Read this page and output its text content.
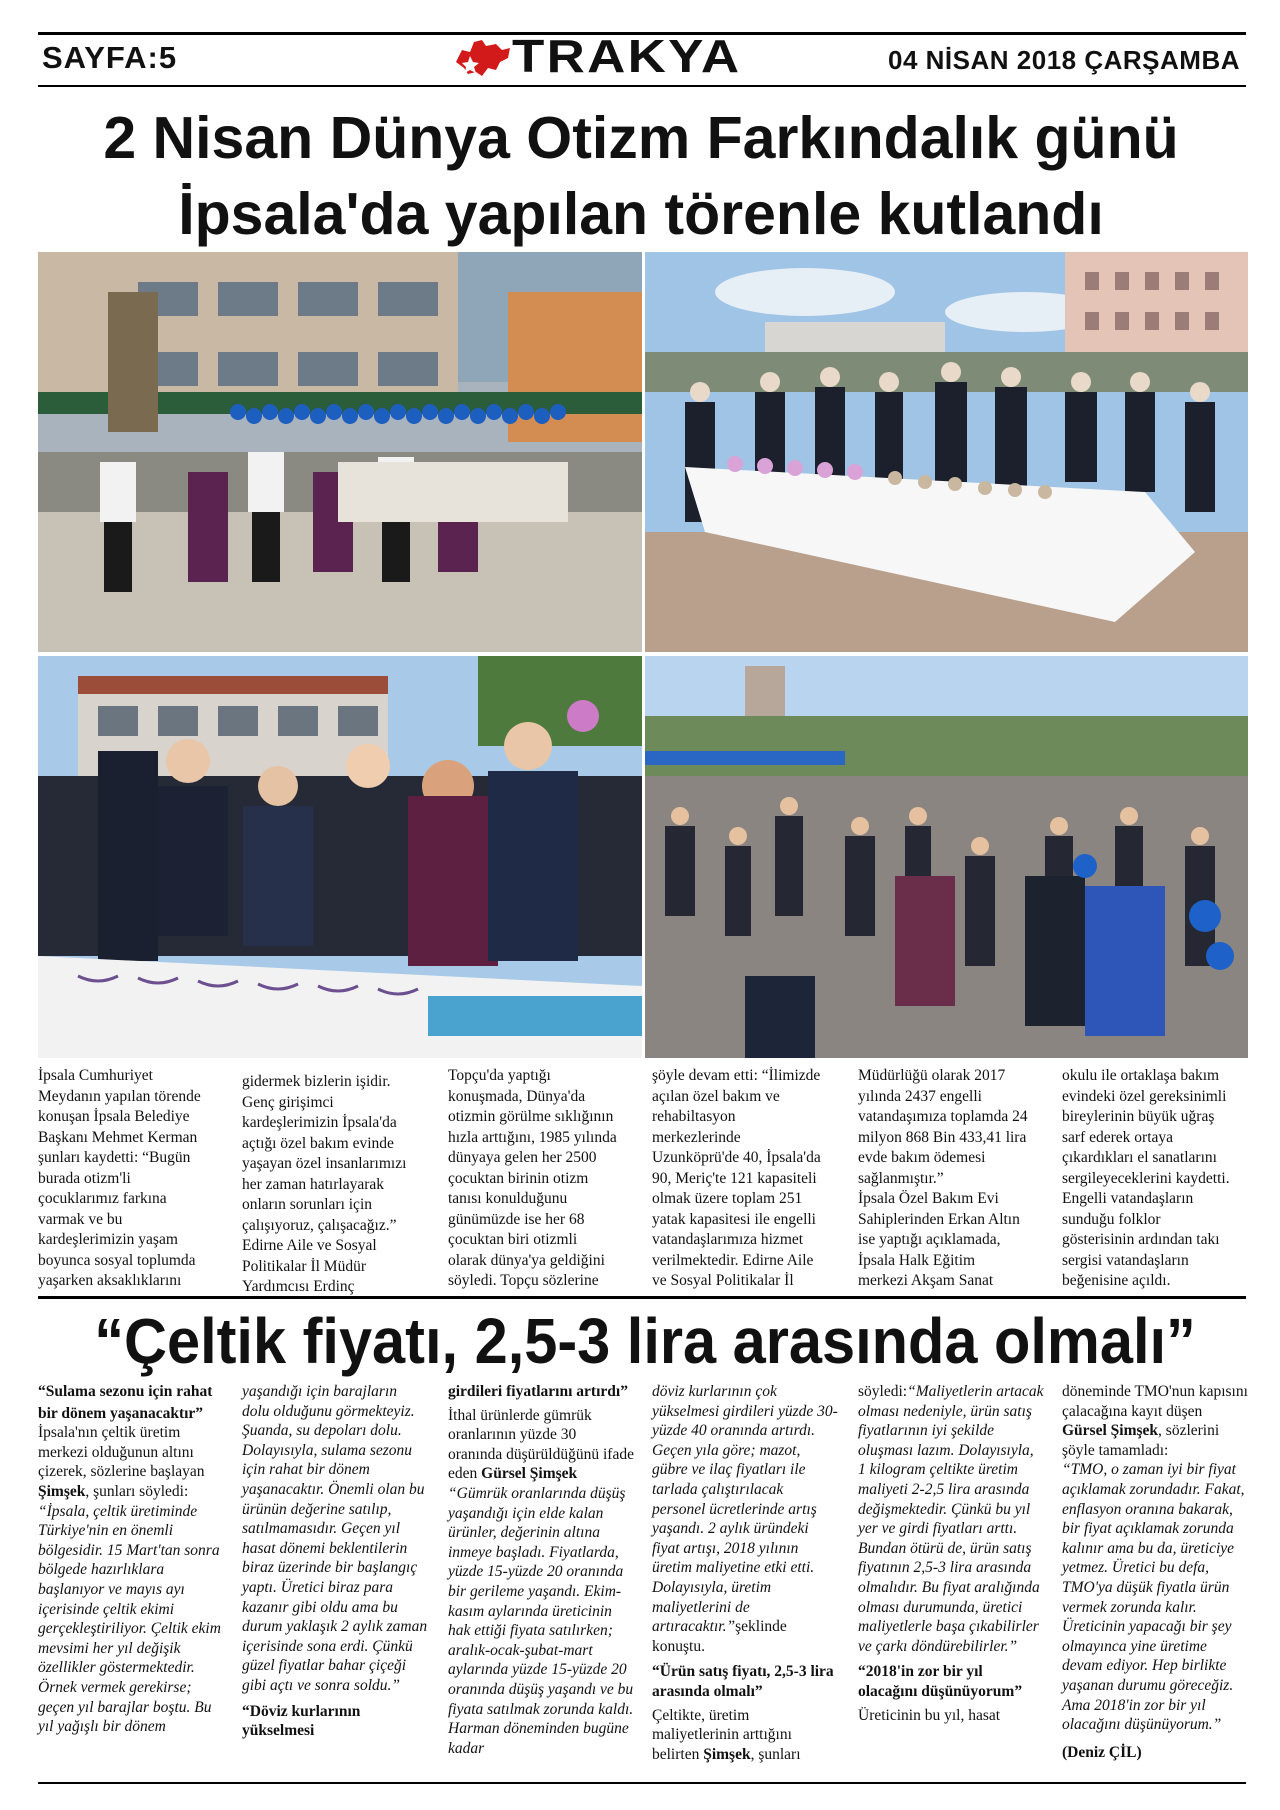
SAYFA:5	TRAKYA	04 NİSAN 2018 ÇARŞAMBA
2 Nisan Dünya Otizm Farkındalık günü
İpsala'da yapılan törenle kutlandı
İpsala Cumhuriyet
Meydanın yapılan törende
konuşan İpsala Belediye
Başkanı Mehmet Kerman
şunları kaydetti: “Bugün
burada otizm'li
çocuklarımız farkına
varmak ve bu
kardeşlerimizin yaşam
boyunca sosyal toplumda
yaşarken aksaklıklarını
gidermek bizlerin işidir.
Genç girişimci
kardeşlerimizin İpsala'da
açtığı özel bakım evinde
yaşayan özel insanlarımızı
her zaman hatırlayarak
onların sorunları için
çalışıyoruz, çalışacağız.”
Edirne Aile ve Sosyal
Politikalar İl Müdür
Yardımcısı Erdinç
Topçu'da yaptığı
konuşmada, Dünya'da
otizmin görülme sıklığının
hızla arttığını, 1985 yılında
dünyaya gelen her 2500
çocuktan birinin otizm
tanısı konulduğunu
günümüzde ise her 68
çocuktan biri otizmli
olarak dünya'ya geldiğini
söyledi. Topçu sözlerine
şöyle devam etti: “İlimizde
açılan özel bakım ve
rehabiltasyon
merkezlerinde
Uzunköprü'de 40, İpsala'da
90, Meriç'te 121 kapasiteli
olmak üzere toplam 251
yatak kapasitesi ile engelli
vatandaşlarımıza hizmet
verilmektedir. Edirne Aile
ve Sosyal Politikalar İl
Müdürlüğü olarak 2017
yılında 2437 engelli
vatandaşımıza toplamda 24
milyon 868 Bin 433,41 lira
evde bakım ödemesi
sağlanmıştır.”
İpsala Özel Bakım Evi
Sahiplerinden Erkan Altın
ise yaptığı açıklamada,
İpsala Halk Eğitim
merkezi Akşam Sanat
okulu ile ortaklaşa bakım
evindeki özel gereksinimli
bireylerinin büyük uğraş
sarf ederek ortaya
çıkardıkları el sanatlarını
sergileyeceklerini kaydetti.
Engelli vatandaşların
sunduğu folklor
gösterisinin ardından takı
sergisi vatandaşların
beğenisine açıldı.
“Çeltik fiyatı, 2,5-3 lira arasında olmalı”

“Sulama sezonu için rahat

bir dönem yaşanacaktır”

İpsala'nın çeltik üretim merkezi olduğunun altını çizerek, sözlerine başlayan Şimşek, şunları söyledi:

“İpsala, çeltik üretiminde Türkiye'nin en önemli bölgesidir. 15 Mart'tan sonra bölgede hazırlıklara başlanıyor ve mayıs ayı içerisinde çeltik ekimi gerçekleştiriliyor. Çeltik ekim mevsimi her yıl değişik özellikler göstermektedir. Örnek vermek gerekirse; geçen yıl barajlar boştu. Bu yıl yağışlı bir dönem

yaşandığı için barajların dolu olduğunu görmekteyiz. Şuanda, su depoları dolu. Dolayısıyla, sulama sezonu için rahat bir dönem yaşanacaktır. Önemli olan bu ürünün değerine satılıp, satılmamasıdır. Geçen yıl hasat dönemi beklentilerin biraz üzerinde bir başlangıç yaptı. Üretici biraz para kazanır gibi oldu ama bu durum yaklaşık 2 aylık zaman içerisinde sona erdi. Çünkü güzel fiyatlar bahar çiçeği gibi açtı ve sonra soldu.”

“Döviz kurlarının yükselmesi

girdileri fiyatlarını artırdı”

İthal ürünlerde gümrük oranlarının yüzde 30 oranında düşürüldüğünü ifade eden Gürsel Şimşek

“Gümrük oranlarında düşüş yaşandığı için elde kalan ürünler, değerinin altına inmeye başladı. Fiyatlarda, yüzde 15-yüzde 20 oranında bir gerileme yaşandı. Ekim-kasım aylarında üreticinin hak ettiği fiyata satılırken; aralık-ocak-şubat-mart aylarında yüzde 15-yüzde 20 oranında düşüş yaşandı ve bu fiyata satılmak zorunda kaldı. Harman döneminden bugüne kadar

döviz kurlarının çok yükselmesi girdileri yüzde 30-yüzde 40 oranında artırdı. Geçen yıla göre; mazot, gübre ve ilaç fiyatları ile tarlada çalıştırılacak personel ücretlerinde artış yaşandı. 2 aylık üründeki fiyat artışı, 2018 yılının üretim maliyetine etki etti. Dolayısıyla, üretim maliyetlerini de artıracaktır.”şeklinde konuştu.

“Ürün satış fiyatı, 2,5-3 lira arasında olmalı”

Çeltikte, üretim maliyetlerinin arttığını belirten Şimşek, şunları

söyledi:“Maliyetlerin artacak olması nedeniyle, ürün satış fiyatlarının iyi şekilde oluşması lazım. Dolayısıyla, 1 kilogram çeltikte üretim maliyeti 2-2,5 lira arasında değişmektedir. Çünkü bu yıl yer ve girdi fiyatları arttı. Bundan ötürü de, ürün satış fiyatının 2,5-3 lira arasında olmalıdır. Bu fiyat aralığında olması durumunda, üretici maliyetlerle başa çıkabilirler ve çarkı döndürebilirler.”

“2018'in zor bir yıl olacağını düşünüyorum”

Üreticinin bu yıl, hasat

döneminde TMO'nun kapısını çalacağına kayıt düşen Gürsel Şimşek, sözlerini şöyle tamamladı:

“TMO, o zaman iyi bir fiyat açıklamak zorundadır. Fakat, enflasyon oranına bakarak, bir fiyat açıklamak zorunda kalınır ama bu da, üreticiye yetmez. Üretici bu defa, TMO'ya düşük fiyatla ürün vermek zorunda kalır. Üreticinin yapacağı bir şey olmayınca yine üretime devam ediyor. Hep birlikte yaşanan durumu göreceğiz. Ama 2018'in zor bir yıl olacağını düşünüyorum.”

(Deniz ÇİL)
